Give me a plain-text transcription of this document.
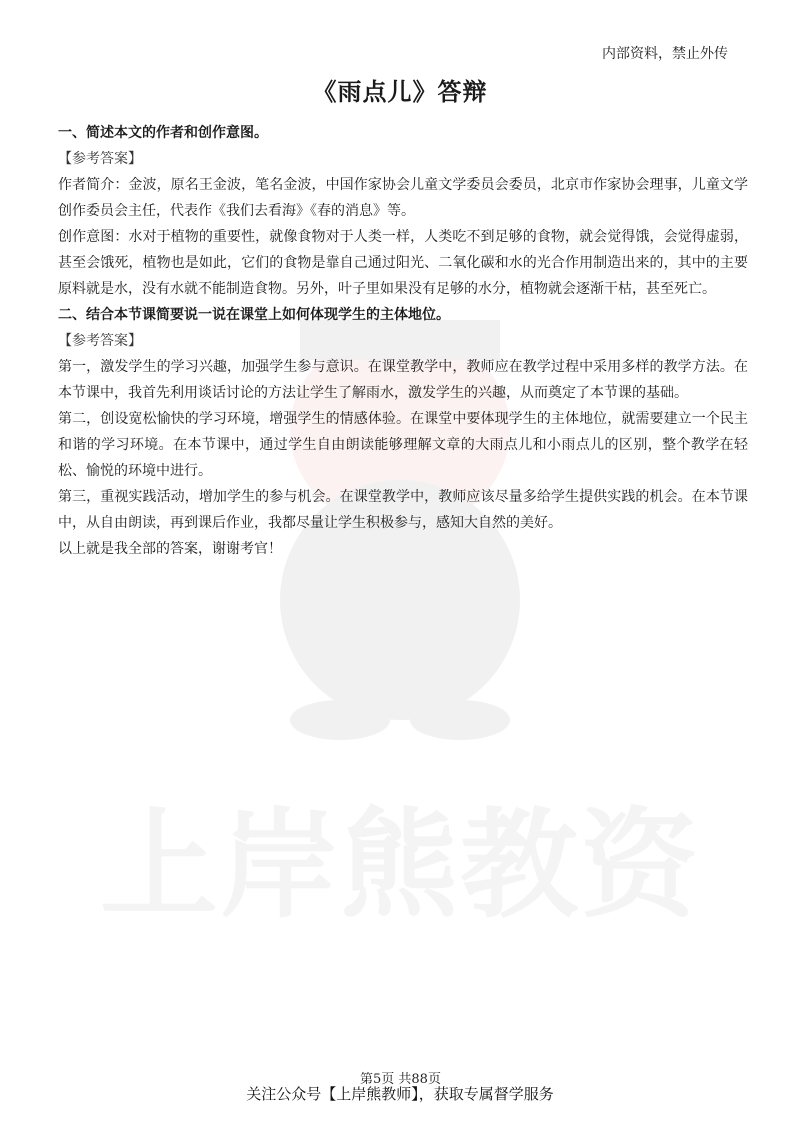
内部资料，禁止外传
《雨点儿》答辩

一、简述本文的作者和创作意图。

【参考答案】

作者简介：金波，原名王金波，笔名金波，中国作家协会儿童文学委员会委员，北京市作家协会理事，儿童文学创作委员会主任，代表作《我们去看海》《春的消息》等。

创作意图：水对于植物的重要性，就像食物对于人类一样，人类吃不到足够的食物，就会觉得饿，会觉得虚弱，甚至会饿死，植物也是如此，它们的食物是靠自己通过阳光、二氧化碳和水的光合作用制造出来的，其中的主要原料就是水，没有水就不能制造食物。另外，叶子里如果没有足够的水分，植物就会逐渐干枯，甚至死亡。

二、结合本节课简要说一说在课堂上如何体现学生的主体地位。

【参考答案】

第一，激发学生的学习兴趣，加强学生参与意识。在课堂教学中，教师应在教学过程中采用多样的教学方法。在本节课中，我首先利用谈话讨论的方法让学生了解雨水，激发学生的兴趣，从而奠定了本节课的基础。

第二，创设宽松愉快的学习环境，增强学生的情感体验。在课堂中要体现学生的主体地位，就需要建立一个民主和谐的学习环境。在本节课中，通过学生自由朗读能够理解文章的大雨点儿和小雨点儿的区别，整个教学在轻松、愉悦的环境中进行。

第三，重视实践活动，增加学生的参与机会。在课堂教学中，教师应该尽量多给学生提供实践的机会。在本节课中，从自由朗读，再到课后作业，我都尽量让学生积极参与，感知大自然的美好。

以上就是我全部的答案，谢谢考官！

第5页 共88页
关注公众号【上岸熊教师】，获取专属督学服务
